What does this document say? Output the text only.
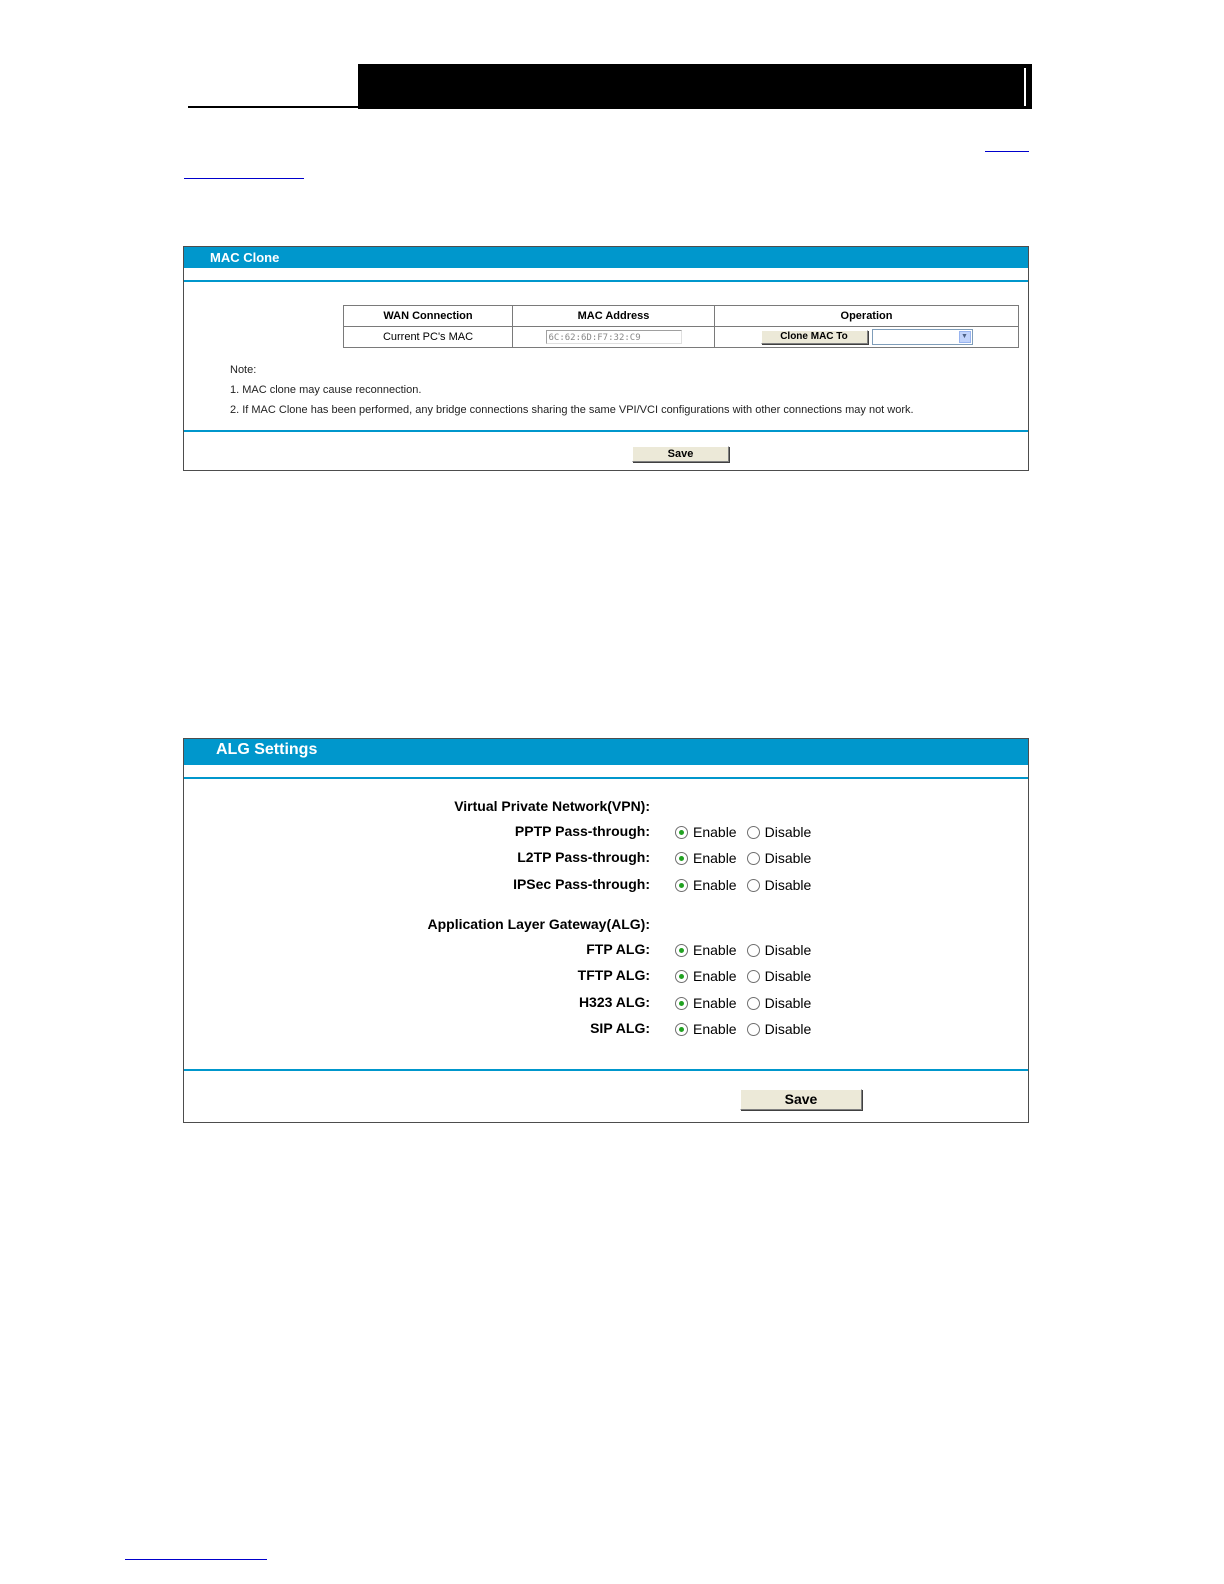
MAC Clone
WAN Connection	MAC Address	Operation
Current PC's MAC	6C:62:6D:F7:32:C9	Clone MAC To ▼
Note:
1. MAC clone may cause reconnection.
2. If MAC Clone has been performed, any bridge connections sharing the same VPI/VCI configurations with other connections may not work.
Save
ALG Settings
Virtual Private Network(VPN):
PPTP Pass-through:	Enable Disable
L2TP Pass-through:	Enable Disable
IPSec Pass-through:	Enable Disable
Application Layer Gateway(ALG):
FTP ALG:	Enable Disable
TFTP ALG:	Enable Disable
H323 ALG:	Enable Disable
SIP ALG:	Enable Disable
Save
